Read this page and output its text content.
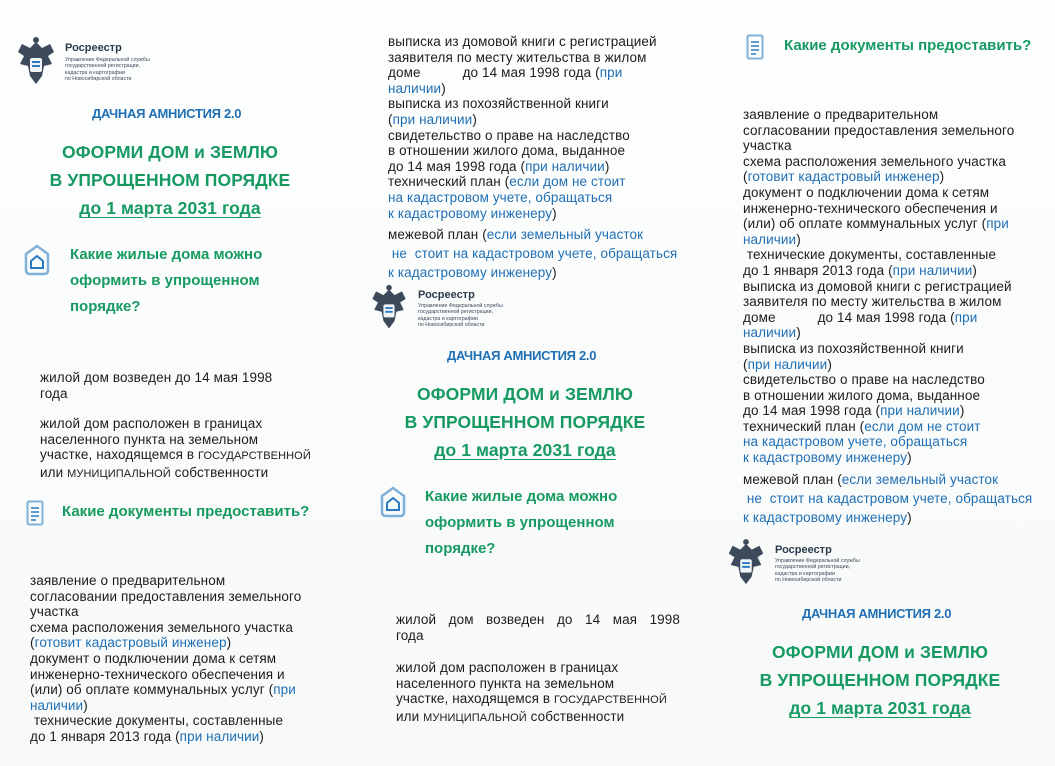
Росреестр
Управление Федеральной службы
государственной регистрации,
кадастра и картографии
по Новосибирской области
ДАЧНАЯ АМНИСТИЯ 2.0
ОФОРМИ ДОМ и ЗЕМЛЮ
В УПРОЩЕННОМ ПОРЯДКЕ
до 1 марта 2031 года
Какие жилые дома можно
оформить в упрощенном
порядке?
жилой дом возведен до 14 мая 1998
года
жилой дом расположен в границах
населенного пункта на земельном
участке, находящемся в ГОСУДАРСТВЕННОЙ
или МУНИЦИПАЛЬНОЙ собственности
Какие документы предоставить?
заявление о предварительном
согласовании предоставления земельного
участка
схема расположения земельного участка
(готовит кадастровый инженер)
документ о подключении дома к сетям
инженерно-технического обеспечения и
(или) об оплате коммунальных услуг (при
наличии)
технические документы, составленные
до 1 января 2013 года (при наличии)
выписка из домовой книги с регистрацией
заявителя по месту жительства в жилом
доме	до 14 мая 1998 года (при
наличии)
выписка из похозяйственной книги
(при наличии)
свидетельство о праве на наследство
в отношении жилого дома, выданное
до 14 мая 1998 года (при наличии)
технический план (если дом не стоит
на кадастровом учете, обращаться
к кадастровому инженеру)
межевой план (если земельный участок
не  стоит на кадастровом учете, обращаться
к кадастровому инженеру)
Росреестр
Управление Федеральной службы
государственной регистрации,
кадастра и картографии
по Новосибирской области
ДАЧНАЯ АМНИСТИЯ 2.0
ОФОРМИ ДОМ и ЗЕМЛЮ
В УПРОЩЕННОМ ПОРЯДКЕ
до 1 марта 2031 года
Какие жилые дома можно
оформить в упрощенном
порядке?
жилой дом возведен до 14 мая 1998
года
жилой дом расположен в границах
населенного пункта на земельном
участке, находящемся в ГОСУДАРСТВЕННОЙ
или МУНИЦИПАЛЬНОЙ собственности
Какие документы предоставить?
заявление о предварительном
согласовании предоставления земельного
участка
схема расположения земельного участка
(готовит кадастровый инженер)
документ о подключении дома к сетям
инженерно-технического обеспечения и
(или) об оплате коммунальных услуг (при
наличии)
технические документы, составленные
до 1 января 2013 года (при наличии)
выписка из домовой книги с регистрацией
заявителя по месту жительства в жилом
доме	до 14 мая 1998 года (при
наличии)
выписка из похозяйственной книги
(при наличии)
свидетельство о праве на наследство
в отношении жилого дома, выданное
до 14 мая 1998 года (при наличии)
технический план (если дом не стоит
на кадастровом учете, обращаться
к кадастровому инженеру)
межевой план (если земельный участок
не  стоит на кадастровом учете, обращаться
к кадастровому инженеру)
Росреестр
Управление Федеральной службы
государственной регистрации,
кадастра и картографии
по Новосибирской области
ДАЧНАЯ АМНИСТИЯ 2.0
ОФОРМИ ДОМ и ЗЕМЛЮ
В УПРОЩЕННОМ ПОРЯДКЕ
до 1 марта 2031 года
